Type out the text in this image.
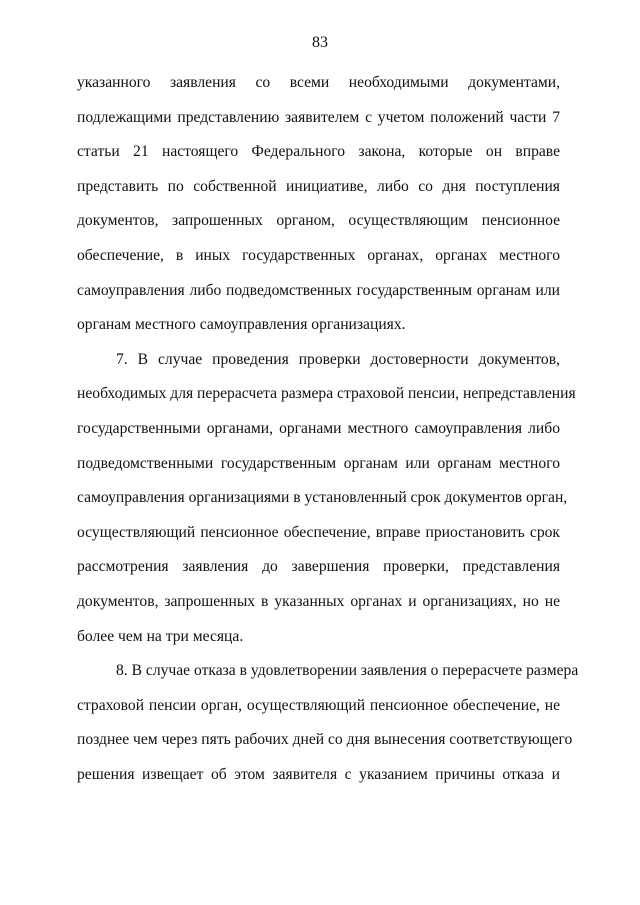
83
указанного заявления со всеми необходимыми документами,
подлежащими представлению заявителем с учетом положений части 7
статьи 21 настоящего Федерального закона, которые он вправе
представить по собственной инициативе, либо со дня поступления
документов, запрошенных органом, осуществляющим пенсионное
обеспечение, в иных государственных органах, органах местного
самоуправления либо подведомственных государственным органам или
органам местного самоуправления организациях.
7. В случае проведения проверки достоверности документов,
необходимых для перерасчета размера страховой пенсии, непредставления
государственными органами, органами местного самоуправления либо
подведомственными государственным органам или органам местного
самоуправления организациями в установленный срок документов орган,
осуществляющий пенсионное обеспечение, вправе приостановить срок
рассмотрения заявления до завершения проверки, представления
документов, запрошенных в указанных органах и организациях, но не
более чем на три месяца.
8. В случае отказа в удовлетворении заявления о перерасчете размера
страховой пенсии орган, осуществляющий пенсионное обеспечение, не
позднее чем через пять рабочих дней со дня вынесения соответствующего
решения извещает об этом заявителя с указанием причины отказа и
